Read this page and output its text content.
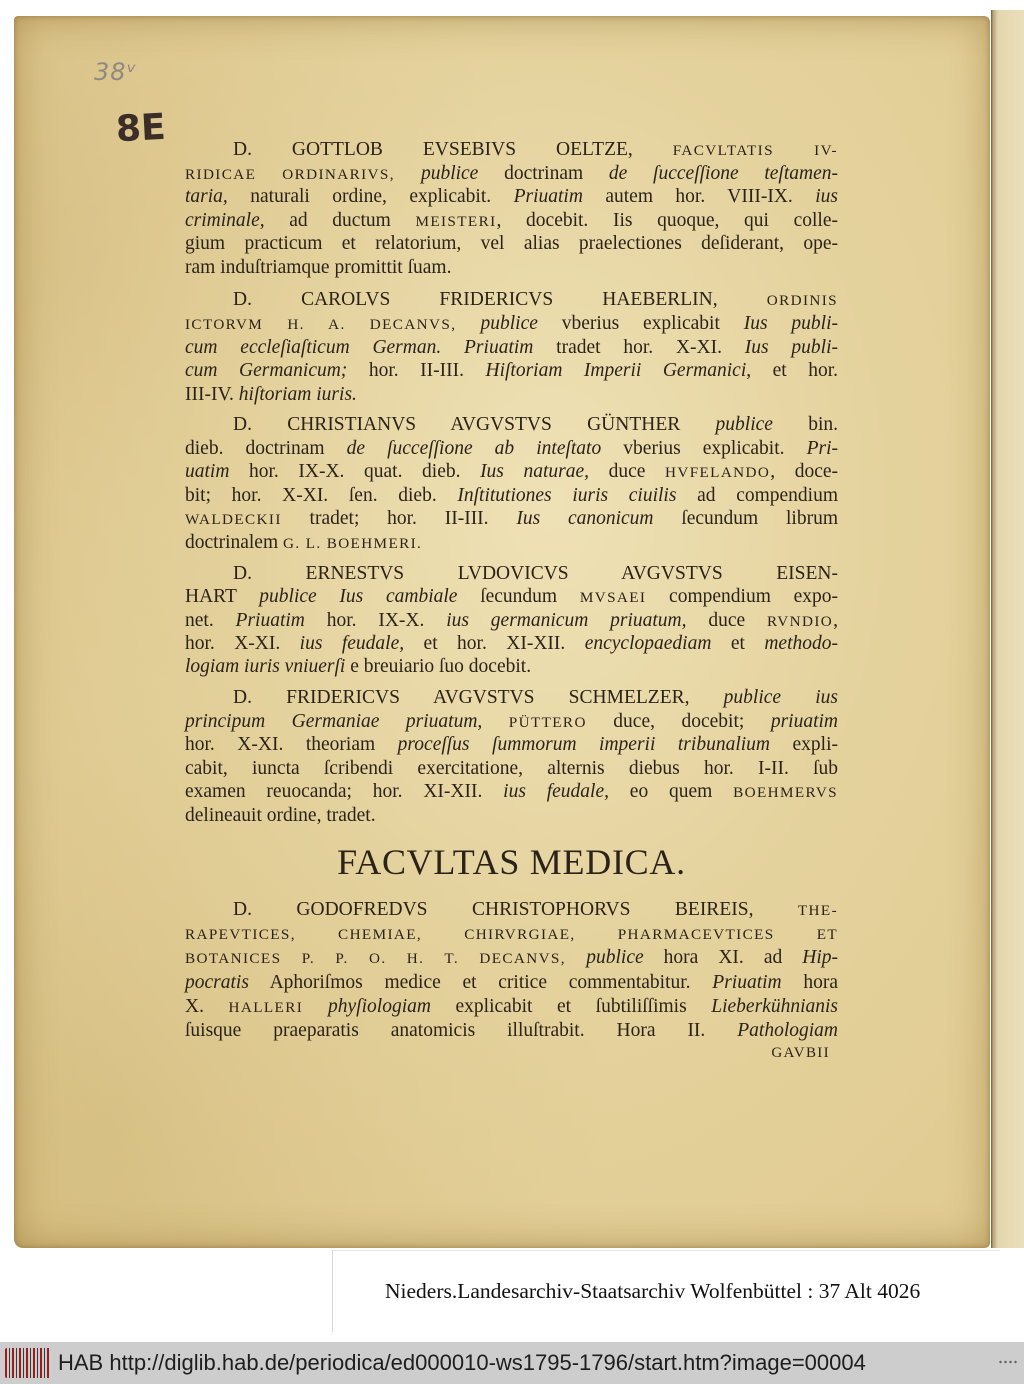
38ᵛ
8E	D. GOTTLOB EVSEBIVS OELTZE, FACVLTATIS IV-
RIDICAE ORDINARIVS, publice doctrinam de ſucceſſione teſtamen-
taria, naturali ordine, explicabit. Priuatim autem hor. VIII-IX. ius
criminale, ad ductum MEISTERI, docebit. Iis quoque, qui colle-
gium practicum et relatorium, vel alias praelectiones deſiderant, ope-
ram induſtriamque promittit ſuam.
D. CAROLVS FRIDERICVS HAEBERLIN, ORDINIS
ICTORVM H. A. DECANVS, publice vberius explicabit Ius publi-
cum eccleſiaſticum German. Priuatim tradet hor. X-XI. Ius publi-
cum Germanicum; hor. II-III. Hiſtoriam Imperii Germanici, et hor.
III-IV. hiſtoriam iuris.
D. CHRISTIANVS AVGVSTVS GÜNTHER publice bin.
dieb. doctrinam de ſucceſſione ab inteſtato vberius explicabit. Pri-
uatim hor. IX-X. quat. dieb. Ius naturae, duce HVFELANDO, doce-
bit; hor. X-XI. ſen. dieb. Inſtitutiones iuris ciuilis ad compendium
WALDECKII tradet; hor. II-III. Ius canonicum ſecundum librum
doctrinalem G. L. BOEHMERI.
D. ERNESTVS LVDOVICVS AVGVSTVS EISEN-
HART publice Ius cambiale ſecundum MVSAEI compendium expo-
net. Priuatim hor. IX-X. ius germanicum priuatum, duce RVNDIO,
hor. X-XI. ius feudale, et hor. XI-XII. encyclopaediam et methodo-
logiam iuris vniuerſi e breuiario ſuo docebit.
D. FRIDERICVS AVGVSTVS SCHMELZER, publice ius
principum Germaniae priuatum, PÜTTERO duce, docebit; priuatim
hor. X-XI. theoriam proceſſus ſummorum imperii tribunalium expli-
cabit, iuncta ſcribendi exercitatione, alternis diebus hor. I-II. ſub
examen reuocanda; hor. XI-XII. ius feudale, eo quem BOEHMERVS
delineauit ordine, tradet.
FACVLTAS MEDICA.
D. GODOFREDVS CHRISTOPHORVS BEIREIS, THE-
RAPEVTICES, CHEMIAE, CHIRVRGIAE, PHARMACEVTICES ET
BOTANICES P. P. O. H. T. DECANVS, publice hora XI. ad Hip-
pocratis Aphoriſmos medice et critice commentabitur. Priuatim hora
X. HALLERI phyſiologiam explicabit et ſubtiliſſimis Lieberkühnianis
ſuisque praeparatis anatomicis illuſtrabit. Hora II. Pathologiam
GAVBII
Nieders.Landesarchiv-Staatsarchiv Wolfenbüttel : 37 Alt 4026
HAB http://diglib.hab.de/periodica/ed000010-ws1795-1796/start.htm?image=00004
